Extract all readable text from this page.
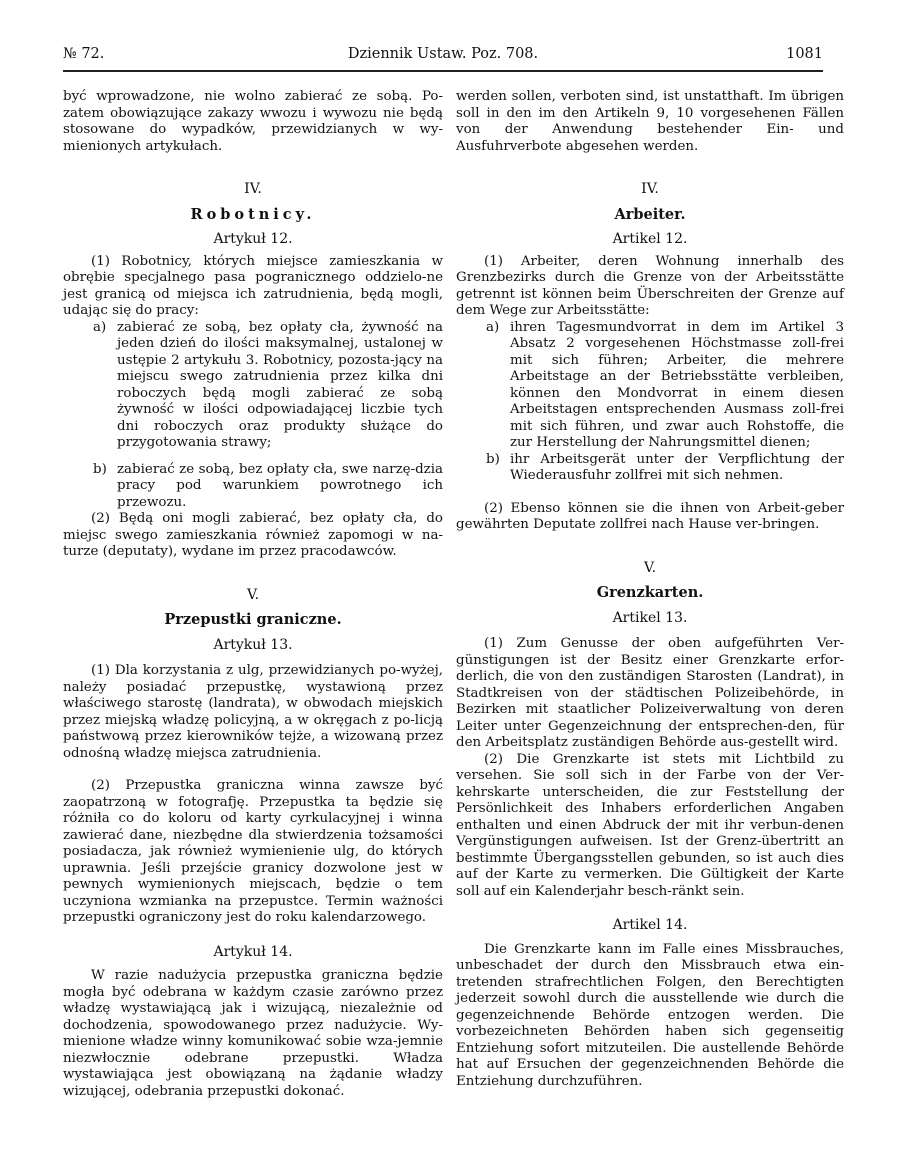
№ 72.	Dziennik Ustaw. Poz. 708.	1081

być wprowadzone, nie wolno zabierać ze sobą. Po-zatem obowiązujące zakazy wwozu i wywozu nie będą stosowane do wypadków, przewidzianych w wy-mienionych artykułach.

IV.
Robotnicy.
Artykuł 12.

(1) Robotnicy, których miejsce zamieszkania w obrębie specjalnego pasa pogranicznego oddzielo-ne jest granicą od miejsca ich zatrudnienia, będą mogli, udając się do pracy:

a) zabierać ze sobą, bez opłaty cła, żywność na jeden dzień do ilości maksymalnej, ustalonej w ustępie 2 artykułu 3. Robotnicy, pozosta-jący na miejscu swego zatrudnienia przez kilka dni roboczych będą mogli zabierać ze sobą żywność w ilości odpowiadającej liczbie tych dni roboczych oraz produkty służące do przygotowania strawy;

b) zabierać ze sobą, bez opłaty cła, swe narzę-dzia pracy pod warunkiem powrotnego ich przewozu.

(2) Będą oni mogli zabierać, bez opłaty cła, do miejsc swego zamieszkania również zapomogi w na-turze (deputaty), wydane im przez pracodawców.

V.
Przepustki graniczne.
Artykuł 13.

(1) Dla korzystania z ulg, przewidzianych po-wyżej, należy posiadać przepustkę, wystawioną przez właściwego starostę (landrata), w obwodach miejskich przez miejską władzę policyjną, a w okręgach z po-licją państwową przez kierowników tejże, a wizowaną przez odnośną władzę miejsca zatrudnienia.

(2) Przepustka graniczna winna zawsze być zaopatrzoną w fotografję. Przepustka ta będzie się różniła co do koloru od karty cyrkulacyjnej i winna zawierać dane, niezbędne dla stwierdzenia tożsamości posiadacza, jak również wymienienie ulg, do których uprawnia. Jeśli przejście granicy dozwolone jest w pewnych wymienionych miejscach, będzie o tem uczyniona wzmianka na przepustce. Termin ważności przepustki ograniczony jest do roku kalendarzowego.

Artykuł 14.

W razie nadużycia przepustka graniczna będzie mogła być odebrana w każdym czasie zarówno przez władzę wystawiającą jak i wizującą, niezależnie od dochodzenia, spowodowanego przez nadużycie. Wy-mienione władze winny komunikować sobie wza-jemnie niezwłocznie odebrane przepustki. Władza wystawiająca jest obowiązaną na żądanie władzy wizującej, odebrania przepustki dokonać.

werden sollen, verboten sind, ist unstatthaft. Im übrigen soll in den im den Artikeln 9, 10 vorgesehenen Fällen von der Anwendung bestehender Ein- und Ausfuhrverbote abgesehen werden.

IV.
Arbeiter.
Artikel 12.

(1) Arbeiter, deren Wohnung innerhalb des Grenzbezirks durch die Grenze von der Arbeitsstätte getrennt ist können beim Überschreiten der Grenze auf dem Wege zur Arbeitsstätte:

a) ihren Tagesmundvorrat in dem im Artikel 3 Absatz 2 vorgesehenen Höchstmasse zoll-frei mit sich führen; Arbeiter, die mehrere Arbeitstage an der Betriebsstätte verbleiben, können den Mondvorrat in einem diesen Arbeitstagen entsprechenden Ausmass zoll-frei mit sich führen, und zwar auch Rohstoffe, die zur Herstellung der Nahrungsmittel dienen;

b) ihr Arbeitsgerät unter der Verpflichtung der Wiederausfuhr zollfrei mit sich nehmen.

(2) Ebenso können sie die ihnen von Arbeit-geber gewährten Deputate zollfrei nach Hause ver-bringen.

V.
Grenzkarten.
Artikel 13.

(1) Zum Genusse der oben aufgeführten Ver-günstigungen ist der Besitz einer Grenzkarte erfor-derlich, die von den zuständigen Starosten (Landrat), in Stadtkreisen von der städtischen Polizeibehörde, in Bezirken mit staatlicher Polizeiverwaltung von deren Leiter unter Gegenzeichnung der entsprechen-den, für den Arbeitsplatz zuständigen Behörde aus-gestellt wird.

(2) Die Grenzkarte ist stets mit Lichtbild zu versehen. Sie soll sich in der Farbe von der Ver-kehrskarte unterscheiden, die zur Feststellung der Persönlichkeit des Inhabers erforderlichen Angaben enthalten und einen Abdruck der mit ihr verbun-denen Vergünstigungen aufweisen. Ist der Grenz-übertritt an bestimmte Übergangsstellen gebunden, so ist auch dies auf der Karte zu vermerken. Die Gültigkeit der Karte soll auf ein Kalenderjahr besch-ränkt sein.

Artikel 14.

Die Grenzkarte kann im Falle eines Missbrauches, unbeschadet der durch den Missbrauch etwa ein-tretenden strafrechtlichen Folgen, den Berechtigten jederzeit sowohl durch die ausstellende wie durch die gegenzeichnende Behörde entzogen werden. Die vorbezeichneten Behörden haben sich gegenseitig Entziehung sofort mitzuteilen. Die austellende Behörde hat auf Ersuchen der gegenzeichnenden Behörde die Entziehung durchzuführen.
